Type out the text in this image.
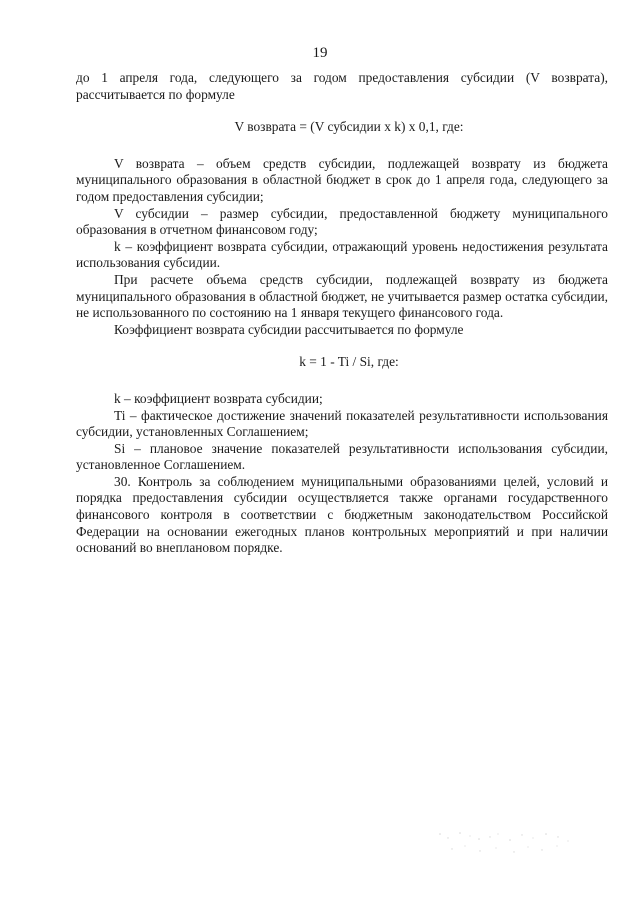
19

до 1 апреля года, следующего за годом предоставления субсидии (V возврата), рассчитывается по формуле

V возврата = (V субсидии x k) x 0,1, где:

V возврата – объем средств субсидии, подлежащей возврату из бюджета муниципального образования в областной бюджет в срок до 1 апреля года, следующего за годом предоставления субсидии;

V субсидии – размер субсидии, предоставленной бюджету муниципального образования в отчетном финансовом году;

k – коэффициент возврата субсидии, отражающий уровень недостижения результата использования субсидии.

При расчете объема средств субсидии, подлежащей возврату из бюджета муниципального образования в областной бюджет, не учитывается размер остатка субсидии, не использованного по состоянию на 1 января текущего финансового года.

Коэффициент возврата субсидии рассчитывается по формуле

k = 1 - Ti / Si, где:

k – коэффициент возврата субсидии;

Ti – фактическое достижение значений показателей результативности использования субсидии, установленных Соглашением;

Si – плановое значение показателей результативности использования субсидии, установленное Соглашением.

30. Контроль за соблюдением муниципальными образованиями целей, условий и порядка предоставления субсидии осуществляется также органами государственного финансового контроля в соответствии с бюджетным законодательством Российской Федерации на основании ежегодных планов контрольных мероприятий и при наличии оснований во внеплановом порядке.
